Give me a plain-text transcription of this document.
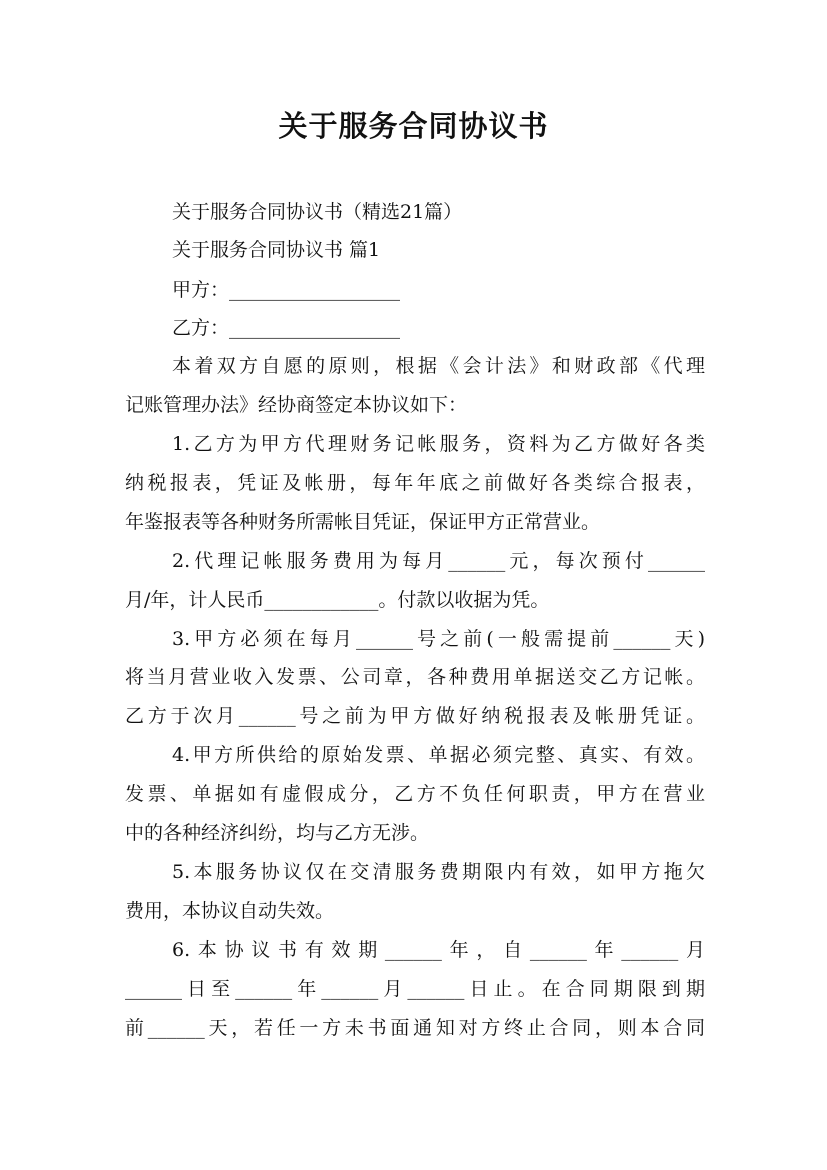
关于服务合同协议书

关于服务合同协议书（精选21篇）

关于服务合同协议书 篇1

甲方：__________________

乙方：__________________

本着双方自愿的原则，根据《会计法》和财政部《代理

记账管理办法》经协商签定本协议如下：

1.乙方为甲方代理财务记帐服务，资料为乙方做好各类

纳税报表，凭证及帐册，每年年底之前做好各类综合报表，

年鉴报表等各种财务所需帐目凭证，保证甲方正常营业。

2.代理记帐服务费用为每月______元，每次预付______

月/年，计人民币____________。付款以收据为凭。

3.甲方必须在每月______号之前(一般需提前______天)

将当月营业收入发票、公司章，各种费用单据送交乙方记帐。

乙方于次月______号之前为甲方做好纳税报表及帐册凭证。

4.甲方所供给的原始发票、单据必须完整、真实、有效。

发票、单据如有虚假成分，乙方不负任何职责，甲方在营业

中的各种经济纠纷，均与乙方无涉。

5.本服务协议仅在交清服务费期限内有效，如甲方拖欠

费用，本协议自动失效。

6.本协议书有效期______年，自______年______月

______日至______年______月______日止。在合同期限到期

前______天，若任一方未书面通知对方终止合同，则本合同
